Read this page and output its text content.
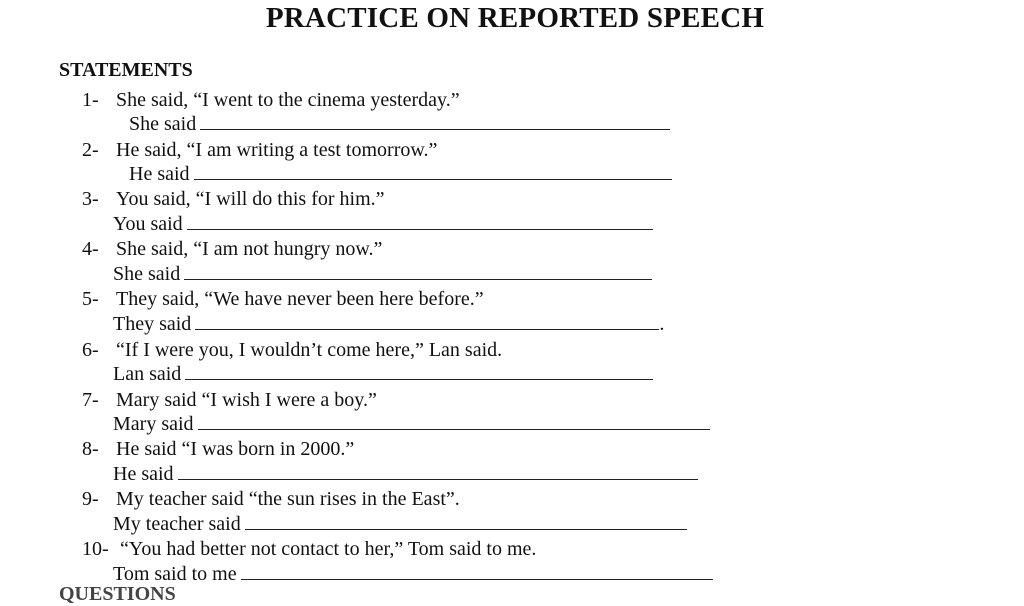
PRACTICE ON REPORTED SPEECH
STATEMENTS
1- She said, “I went to the cinema yesterday.”
She said
2- He said, “I am writing a test tomorrow.”
He said
3- You said, “I will do this for him.”
You said
4- She said, “I am not hungry now.”
She said
5- They said, “We have never been here before.”
They said	.
6- “If I were you, I wouldn’t come here,” Lan said.
Lan said
7- Mary said “I wish I were a boy.”
Mary said
8- He said “I was born in 2000.”
He said
9- My teacher said “the sun rises in the East”.
My teacher said
10- “You had better not contact to her,” Tom said to me.
Tom said to me
QUESTIONS
